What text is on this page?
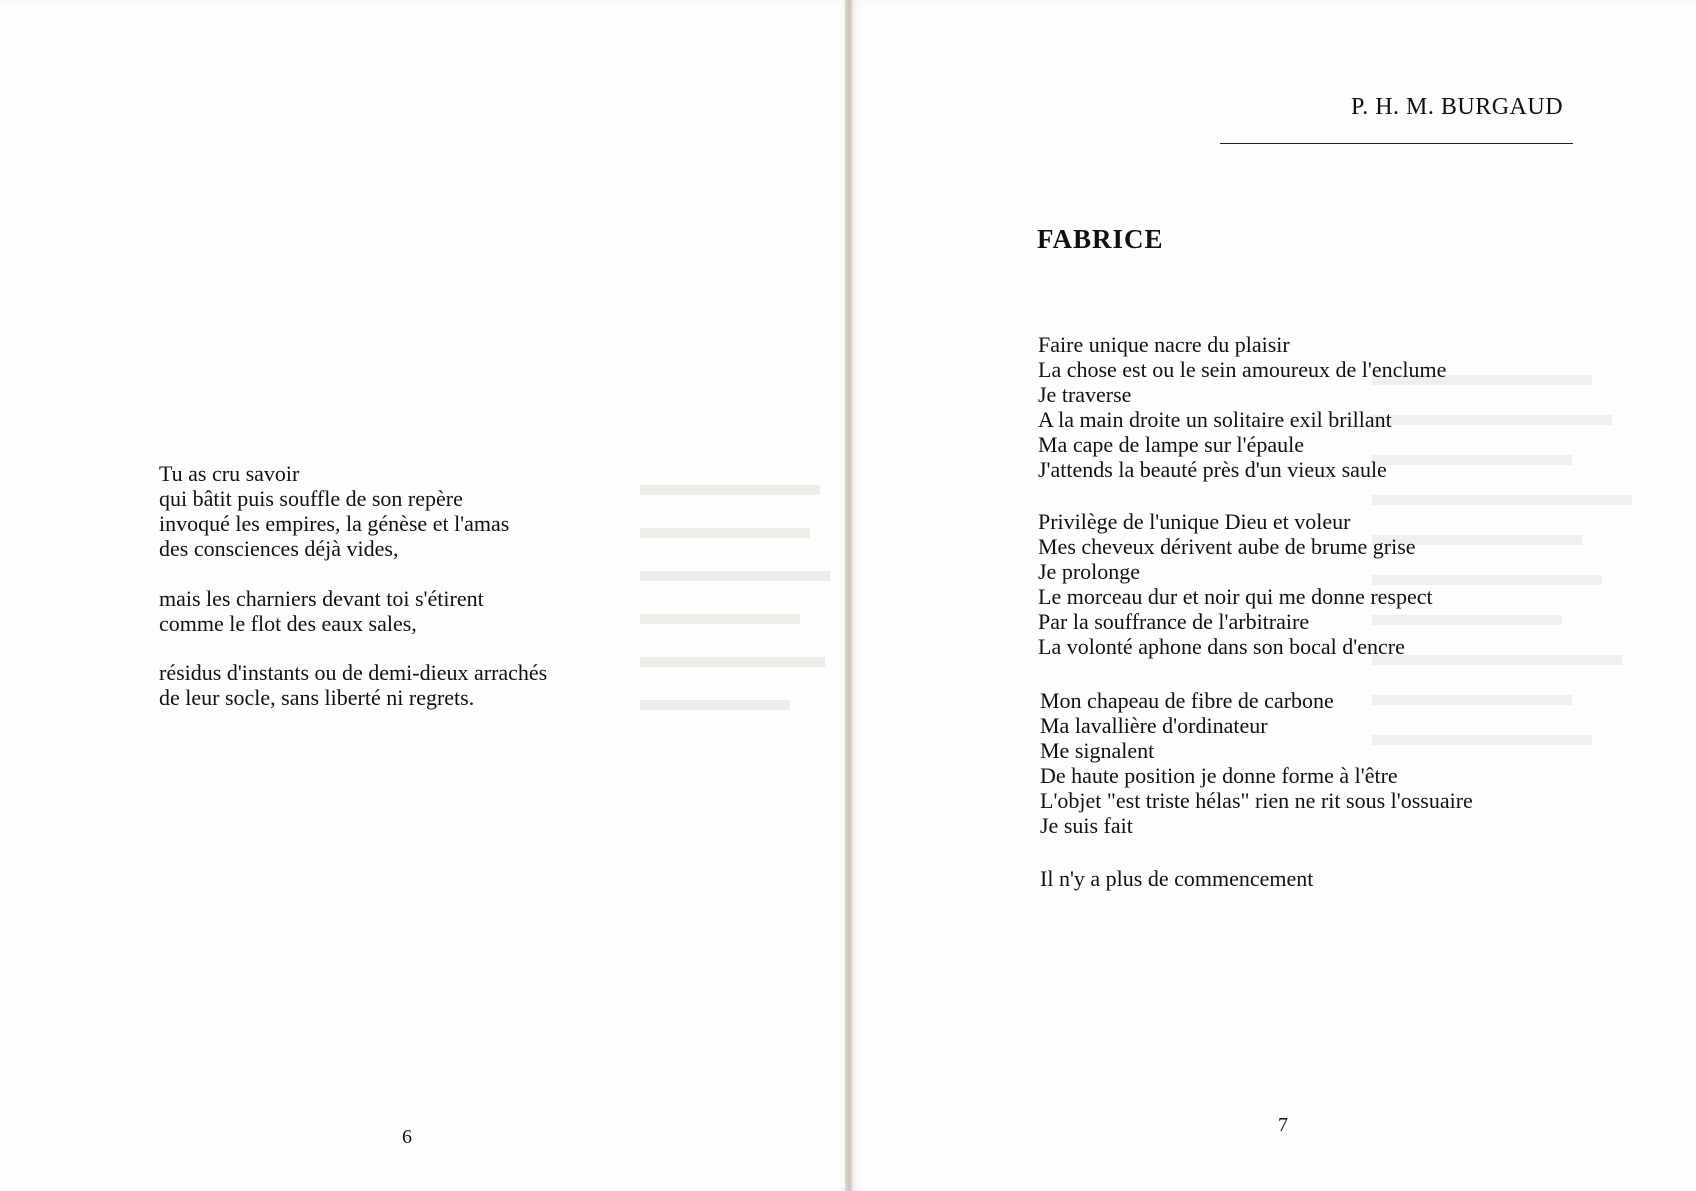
Tu as cru savoir
qui bâtit puis souffle de son repère
invoqué les empires, la génèse et l'amas
des consciences déjà vides,
mais les charniers devant toi s'étirent
comme le flot des eaux sales,
résidus d'instants ou de demi-dieux arrachés
de leur socle, sans liberté ni regrets.
6
P. H. M. BURGAUD
FABRICE
Faire unique nacre du plaisir
La chose est ou le sein amoureux de l'enclume
Je traverse
A la main droite un solitaire exil brillant
Ma cape de lampe sur l'épaule
J'attends la beauté près d'un vieux saule
Privilège de l'unique Dieu et voleur
Mes cheveux dérivent aube de brume grise
Je prolonge
Le morceau dur et noir qui me donne respect
Par la souffrance de l'arbitraire
La volonté aphone dans son bocal d'encre
Mon chapeau de fibre de carbone
Ma lavallière d'ordinateur
Me signalent
De haute position je donne forme à l'être
L'objet "est triste hélas" rien ne rit sous l'ossuaire
Je suis fait
Il n'y a plus de commencement
7
